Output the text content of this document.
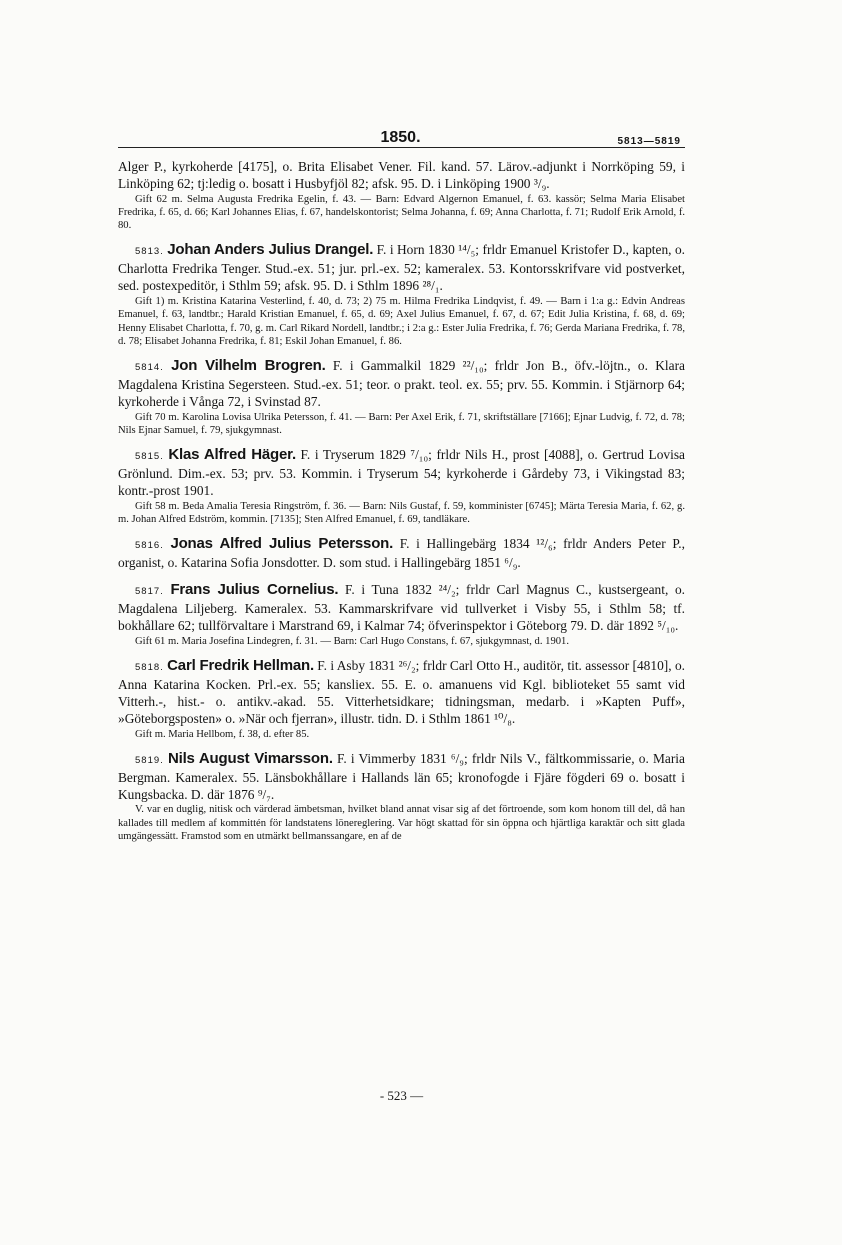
1850.	5813—5819

Alger P., kyrkoherde [4175], o. Brita Elisabet Vener. Fil. kand. 57. Lärov.-adjunkt i Norrköping 59, i Linköping 62; tj:ledig o. bosatt i Husbyfjöl 82; afsk. 95. D. i Linköping 1900 ³/₉.

Gift 62 m. Selma Augusta Fredrika Egelin, f. 43. — Barn: Edvard Algernon Emanuel, f. 63. kassör; Selma Maria Elisabet Fredrika, f. 65, d. 66; Karl Johannes Elias, f. 67, handelskontorist; Selma Johanna, f. 69; Anna Charlotta, f. 71; Rudolf Erik Arnold, f. 80.

5813. Johan Anders Julius Drangel. F. i Horn 1830 ¹⁴/₅; frldr Emanuel Kristofer D., kapten, o. Charlotta Fredrika Tenger. Stud.-ex. 51; jur. prl.-ex. 52; kameralex. 53. Kontorsskrifvare vid postverket, sed. postexpeditör, i Sthlm 59; afsk. 95. D. i Sthlm 1896 ²⁸/₁.

Gift 1) m. Kristina Katarina Vesterlind, f. 40, d. 73; 2) 75 m. Hilma Fredrika Lindqvist, f. 49. — Barn i 1:a g.: Edvin Andreas Emanuel, f. 63, landtbr.; Harald Kristian Emanuel, f. 65, d. 69; Axel Julius Emanuel, f. 67, d. 67; Edit Julia Kristina, f. 68, d. 69; Henny Elisabet Charlotta, f. 70, g. m. Carl Rikard Nordell, landtbr.; i 2:a g.: Ester Julia Fredrika, f. 76; Gerda Mariana Fredrika, f. 78, d. 78; Elisabet Johanna Fredrika, f. 81; Eskil Johan Emanuel, f. 86.

5814. Jon Vilhelm Brogren. F. i Gammalkil 1829 ²²/₁₀; frldr Jon B., öfv.-löjtn., o. Klara Magdalena Kristina Segersteen. Stud.-ex. 51; teor. o prakt. teol. ex. 55; prv. 55. Kommin. i Stjärnorp 64; kyrkoherde i Vånga 72, i Svinstad 87.

Gift 70 m. Karolina Lovisa Ulrika Petersson, f. 41. — Barn: Per Axel Erik, f. 71, skriftställare [7166]; Ejnar Ludvig, f. 72, d. 78; Nils Ejnar Samuel, f. 79, sjukgymnast.

5815. Klas Alfred Häger. F. i Tryserum 1829 ⁷/₁₀; frldr Nils H., prost [4088], o. Gertrud Lovisa Grönlund. Dim.-ex. 53; prv. 53. Kommin. i Tryserum 54; kyrkoherde i Gårdeby 73, i Vikingstad 83; kontr.-prost 1901.

Gift 58 m. Beda Amalia Teresia Ringström, f. 36. — Barn: Nils Gustaf, f. 59, komminister [6745]; Märta Teresia Maria, f. 62, g. m. Johan Alfred Edström, kommin. [7135]; Sten Alfred Emanuel, f. 69, tandläkare.

5816. Jonas Alfred Julius Petersson. F. i Hallingebärg 1834 ¹²/₆; frldr Anders Peter P., organist, o. Katarina Sofia Jonsdotter. D. som stud. i Hallingebärg 1851 ⁶/₉.

5817. Frans Julius Cornelius. F. i Tuna 1832 ²⁴/₂; frldr Carl Magnus C., kustsergeant, o. Magdalena Liljeberg. Kameralex. 53. Kammarskrifvare vid tullverket i Visby 55, i Sthlm 58; tf. bokhållare 62; tullförvaltare i Marstrand 69, i Kalmar 74; öfverinspektor i Göteborg 79. D. där 1892 ⁵/₁₀.

Gift 61 m. Maria Josefina Lindegren, f. 31. — Barn: Carl Hugo Constans, f. 67, sjukgymnast, d. 1901.

5818. Carl Fredrik Hellman. F. i Asby 1831 ²⁶/₂; frldr Carl Otto H., auditör, tit. assessor [4810], o. Anna Katarina Kocken. Prl.-ex. 55; kansliex. 55. E. o. amanuens vid Kgl. biblioteket 55 samt vid Vitterh.-, hist.- o. antikv.-akad. 55. Vitterhetsidkare; tidningsman, medarb. i »Kapten Puff», »Göteborgsposten» o. »När och fjerran», illustr. tidn. D. i Sthlm 1861 ¹⁰/₈.

Gift m. Maria Hellbom, f. 38, d. efter 85.

5819. Nils August Vimarsson. F. i Vimmerby 1831 ⁶/₉; frldr Nils V., fältkommissarie, o. Maria Bergman. Kameralex. 55. Länsbokhållare i Hallands län 65; kronofogde i Fjäre fögderi 69 o. bosatt i Kungsbacka. D. där 1876 ⁹/₇.

V. var en duglig, nitisk och värderad ämbetsman, hvilket bland annat visar sig af det förtroende, som kom honom till del, då han kallades till medlem af kommittén för landstatens lönereglering. Var högt skattad för sin öppna och hjärtliga karaktär och sitt glada umgängessätt. Framstod som en utmärkt bellmanssangare, en af de

- 523 —
